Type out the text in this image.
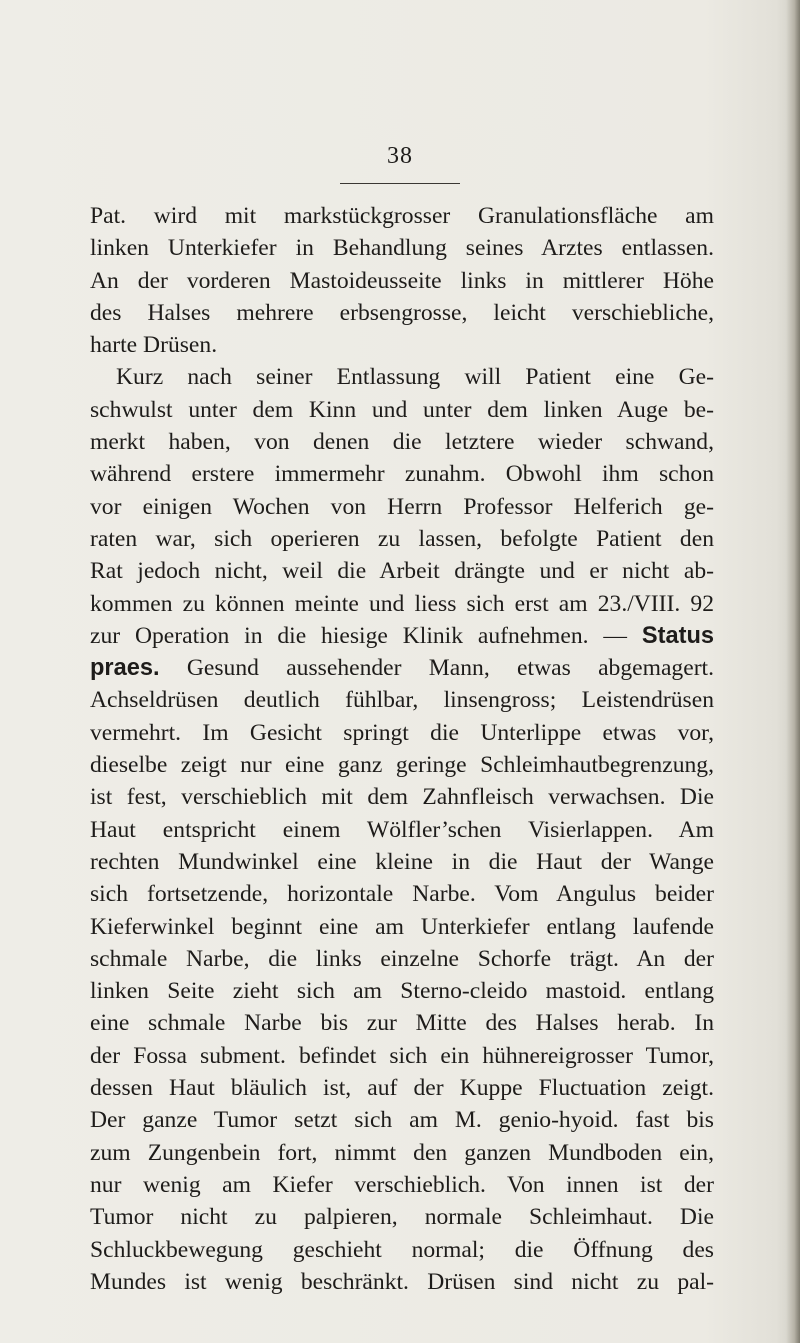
38
Pat. wird mit markstückgrosser Granulationsfläche am
linken Unterkiefer in Behandlung seines Arztes entlassen.
An der vorderen Mastoideusseite links in mittlerer Höhe
des Halses mehrere erbsengrosse, leicht verschiebliche,
harte Drüsen.
Kurz nach seiner Entlassung will Patient eine Ge-
schwulst unter dem Kinn und unter dem linken Auge be-
merkt haben, von denen die letztere wieder schwand,
während erstere immermehr zunahm. Obwohl ihm schon
vor einigen Wochen von Herrn Professor Helferich ge-
raten war, sich operieren zu lassen, befolgte Patient den
Rat jedoch nicht, weil die Arbeit drängte und er nicht ab-
kommen zu können meinte und liess sich erst am 23./VIII. 92
zur Operation in die hiesige Klinik aufnehmen. — Status
praes. Gesund aussehender Mann, etwas abgemagert.
Achseldrüsen deutlich fühlbar, linsengross; Leistendrüsen
vermehrt. Im Gesicht springt die Unterlippe etwas vor,
dieselbe zeigt nur eine ganz geringe Schleimhautbegrenzung,
ist fest, verschieblich mit dem Zahnfleisch verwachsen. Die
Haut entspricht einem Wölfler’schen Visierlappen. Am
rechten Mundwinkel eine kleine in die Haut der Wange
sich fortsetzende, horizontale Narbe. Vom Angulus beider
Kieferwinkel beginnt eine am Unterkiefer entlang laufende
schmale Narbe, die links einzelne Schorfe trägt. An der
linken Seite zieht sich am Sterno-cleido mastoid. entlang
eine schmale Narbe bis zur Mitte des Halses herab. In
der Fossa subment. befindet sich ein hühnereigrosser Tumor,
dessen Haut bläulich ist, auf der Kuppe Fluctuation zeigt.
Der ganze Tumor setzt sich am M. genio-hyoid. fast bis
zum Zungenbein fort, nimmt den ganzen Mundboden ein,
nur wenig am Kiefer verschieblich. Von innen ist der
Tumor nicht zu palpieren, normale Schleimhaut. Die
Schluckbewegung geschieht normal; die Öffnung des
Mundes ist wenig beschränkt. Drüsen sind nicht zu pal-
